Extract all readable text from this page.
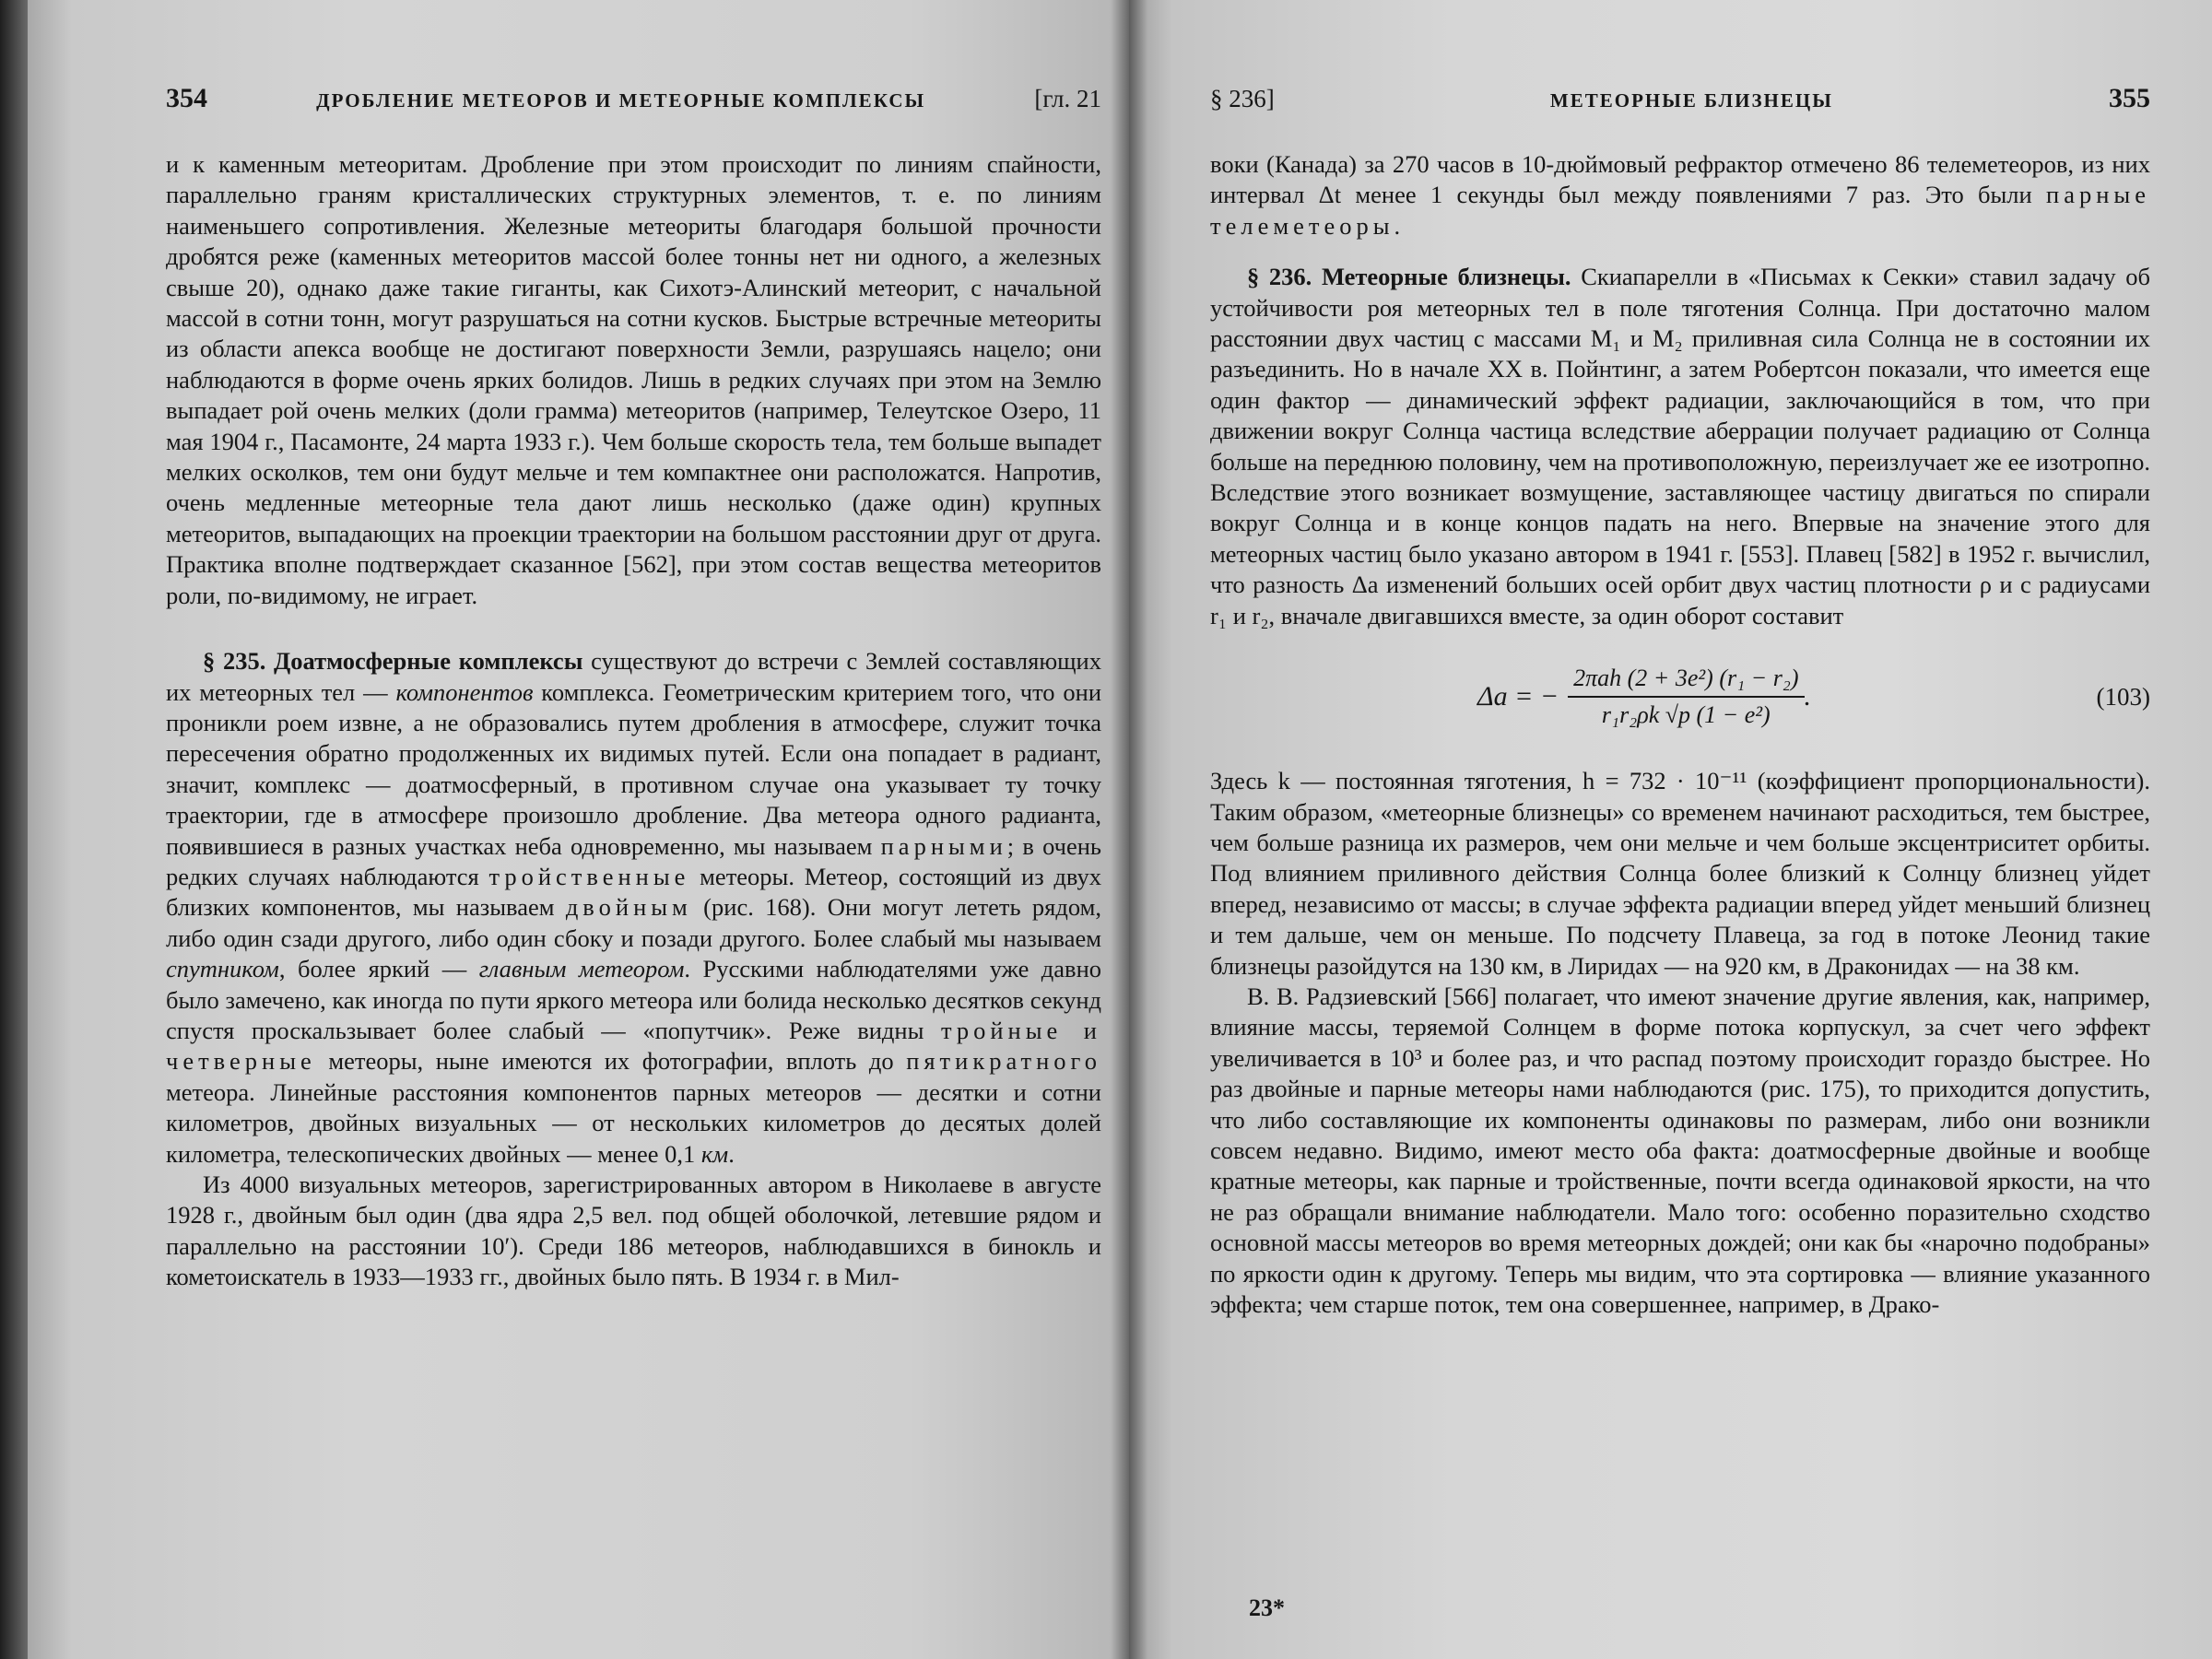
354	ДРОБЛЕНИЕ МЕТЕОРОВ И МЕТЕОРНЫЕ КОМПЛЕКСЫ	[гл. 21

и к каменным метеоритам. Дробление при этом происходит по линиям спайности, параллельно граням кристаллических структурных элементов, т. е. по линиям наименьшего сопротивления. Железные метеориты благодаря большой прочности дробятся реже (каменных метеоритов массой более тонны нет ни одного, а железных свыше 20), однако даже такие гиганты, как Сихотэ-Алинский метеорит, с начальной массой в сотни тонн, могут разрушаться на сотни кусков. Быстрые встречные метеориты из области апекса вообще не достигают поверхности Земли, разрушаясь нацело; они наблюдаются в форме очень ярких болидов. Лишь в редких случаях при этом на Землю выпадает рой очень мелких (доли грамма) метеоритов (например, Телеутское Озеро, 11 мая 1904 г., Пасамонте, 24 марта 1933 г.). Чем больше скорость тела, тем больше выпадет мелких осколков, тем они будут мельче и тем компактнее они расположатся. Напротив, очень медленные метеорные тела дают лишь несколько (даже один) крупных метеоритов, выпадающих на проекции траектории на большом расстоянии друг от друга. Практика вполне подтверждает сказанное [562], при этом состав вещества метеоритов роли, по-видимому, не играет.

§ 235. Доатмосферные комплексы существуют до встречи с Землей составляющих их метеорных тел — компонентов комплекса. Геометрическим критерием того, что они проникли роем извне, а не образовались путем дробления в атмосфере, служит точка пересечения обратно продолженных их видимых путей. Если она попадает в радиант, значит, комплекс — доатмосферный, в противном случае она указывает ту точку траектории, где в атмосфере произошло дробление. Два метеора одного радианта, появившиеся в разных участках неба одновременно, мы называем парными; в очень редких случаях наблюдаются тройственные метеоры. Метеор, состоящий из двух близких компонентов, мы называем двойным (рис. 168). Они могут лететь рядом, либо один сзади другого, либо один сбоку и позади другого. Более слабый мы называем спутником, более яркий — главным метеором. Русскими наблюдателями уже давно было замечено, как иногда по пути яркого метеора или болида несколько десятков секунд спустя проскальзывает более слабый — «попутчик». Реже видны тройные и четверные метеоры, ныне имеются их фотографии, вплоть до пятикратного метеора. Линейные расстояния компонентов парных метеоров — десятки и сотни километров, двойных визуальных — от нескольких километров до десятых долей километра, телескопических двойных — менее 0,1 км.

Из 4000 визуальных метеоров, зарегистрированных автором в Николаеве в августе 1928 г., двойным был один (два ядра 2,5 вел. под общей оболочкой, летевшие рядом и параллельно на расстоянии 10′). Среди 186 метеоров, наблюдавшихся в бинокль и кометоискатель в 1933—1933 гг., двойных было пять. В 1934 г. в Мил-

§ 236]	МЕТЕОРНЫЕ БЛИЗНЕЦЫ	355

воки (Канада) за 270 часов в 10-дюймовый рефрактор отмечено 86 телеметеоров, из них интервал Δt менее 1 секунды был между появлениями 7 раз. Это были парные телеметеоры.

§ 236. Метеорные близнецы. Скиапарелли в «Письмах к Секки» ставил задачу об устойчивости роя метеорных тел в поле тяготения Солнца. При достаточно малом расстоянии двух частиц с массами M₁ и M₂ приливная сила Солнца не в состоянии их разъединить. Но в начале XX в. Пойнтинг, а затем Робертсон показали, что имеется еще один фактор — динамический эффект радиации, заключающийся в том, что при движении вокруг Солнца частица вследствие аберрации получает радиацию от Солнца больше на переднюю половину, чем на противоположную, переизлучает же ее изотропно. Вследствие этого возникает возмущение, заставляющее частицу двигаться по спирали вокруг Солнца и в конце концов падать на него. Впервые на значение этого для метеорных частиц было указано автором в 1941 г. [553]. Плавец [582] в 1952 г. вычислил, что разность Δa изменений больших осей орбит двух частиц плотности ρ и с радиусами r₁ и r₂, вначале двигавшихся вместе, за один оборот составит

Δa = − $\frac{\text{2πah (2 + 3e²) (r₁ − r₂)}}{\text{r₁r₂ρk √p (1 − e²)}}$ .	(103)

Здесь k — постоянная тяготения, h = 732 · 10⁻¹¹ (коэффициент пропорциональности). Таким образом, «метеорные близнецы» со временем начинают расходиться, тем быстрее, чем больше разница их размеров, чем они мельче и чем больше эксцентриситет орбиты. Под влиянием приливного действия Солнца более близкий к Солнцу близнец уйдет вперед, независимо от массы; в случае эффекта радиации вперед уйдет меньший близнец и тем дальше, чем он меньше. По подсчету Плавеца, за год в потоке Леонид такие близнецы разойдутся на 130 км, в Лиридах — на 920 км, в Драконидах — на 38 км.

В. В. Радзиевский [566] полагает, что имеют значение другие явления, как, например, влияние массы, теряемой Солнцем в форме потока корпускул, за счет чего эффект увеличивается в 10³ и более раз, и что распад поэтому происходит гораздо быстрее. Но раз двойные и парные метеоры нами наблюдаются (рис. 175), то приходится допустить, что либо составляющие их компоненты одинаковы по размерам, либо они возникли совсем недавно. Видимо, имеют место оба факта: доатмосферные двойные и вообще кратные метеоры, как парные и тройственные, почти всегда одинаковой яркости, на что не раз обращали внимание наблюдатели. Мало того: особенно поразительно сходство основной массы метеоров во время метеорных дождей; они как бы «нарочно подобраны» по яркости один к другому. Теперь мы видим, что эта сортировка — влияние указанного эффекта; чем старше поток, тем она совершеннее, например, в Драко-

23*
